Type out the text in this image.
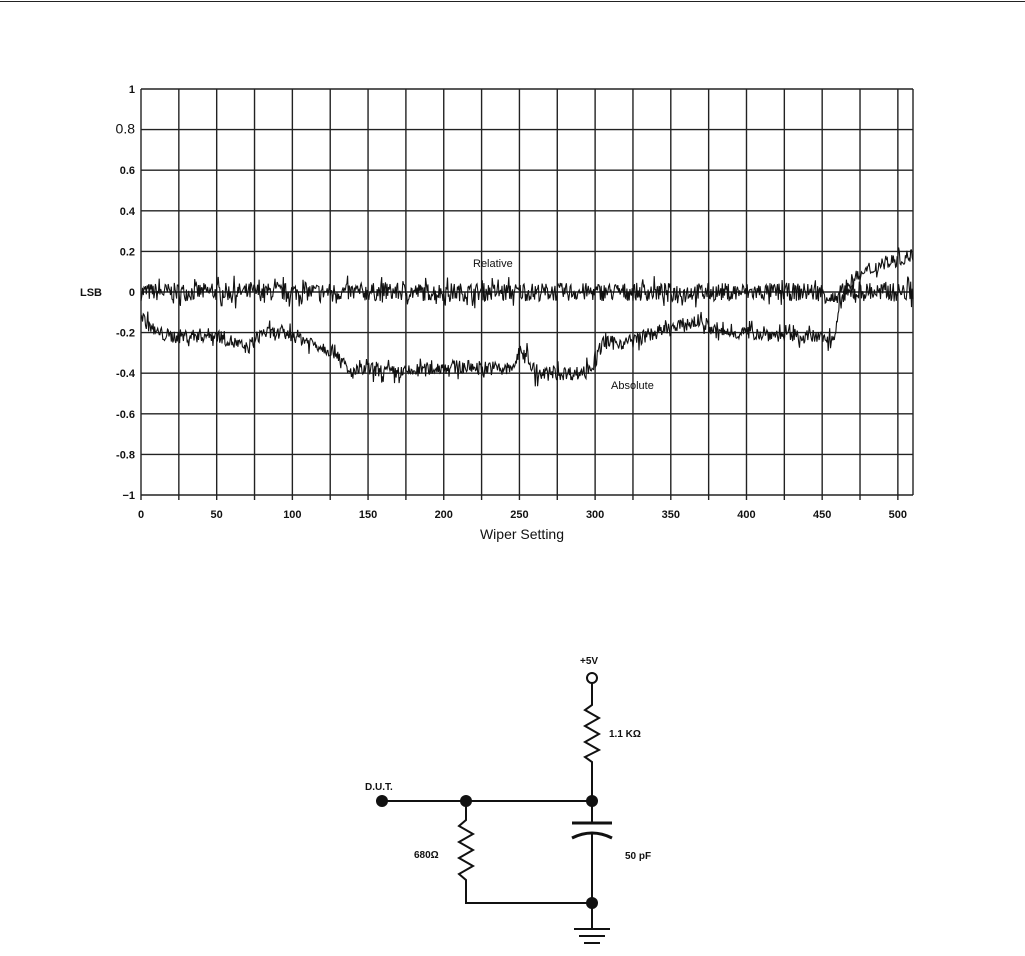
1
0.8
0.6
0.4
0.2
0
-0.2
-0.4
-0.6
-0.8
−1
0	50	100	150	200	250	300	350	400	450	500
Wiper Setting
LSB
Relative
Absolute
+5V
1.1 KΩ
D.U.T.
680Ω	50 pF
